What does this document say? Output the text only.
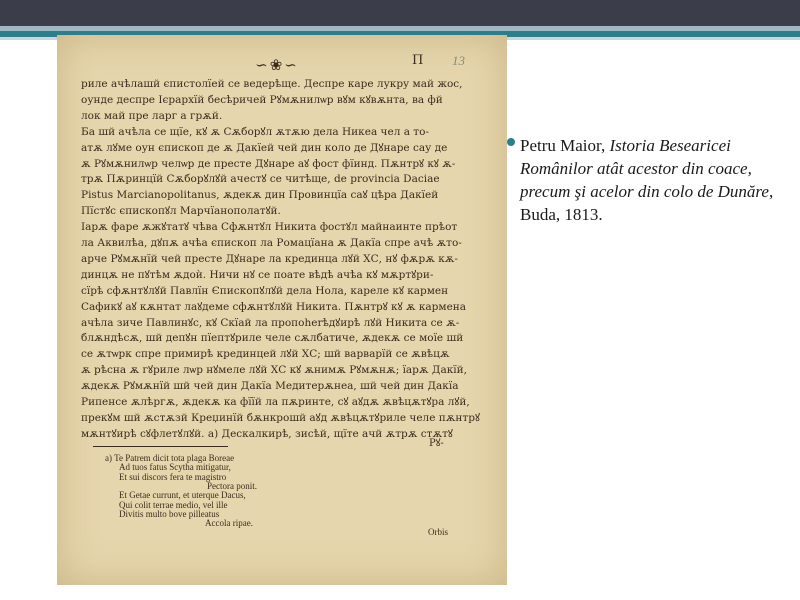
∽❀∽	Π 13
риле ачѣлашй єпистолїей се ведерѣще. Деспре каре лукру май жос,
оунде деспре Ієрархїй бесѣричей Рꙋмѫнилѡр вꙋм кꙋвѫнта, ва фй
лок май пре ларг а грѫй.
Ба шй ачѣла се щїе, кꙋ ѫ Сѫборꙋл ѫтѫю дела Никеа чел а то-
атѫ лꙋме оун єпископ де ѫ Дакїей чей дин коло де Дꙋнаре сау де
ѫ Рꙋмѫнилѡр челѡр де престе Дꙋнаре аꙋ фост фїинд. Пѫнтрꙋ кꙋ ѫ-
трѫ Пѫринцїй Сѫборꙋлꙋй ачестꙋ се читѣще, de provincia Daciae
Pistus Marcianopolitanus, ѫдекѫ дин Провинцїа саꙋ цѣра Дакїей
Пїстꙋс єпископꙋл Марчїанополатꙋй.
Іарѫ фаре ѫжꙋтатꙋ чѣва Сфѫнтꙋл Никита фостꙋл майнаинте прѣот
ла Аквилѣа, дꙋпѫ ачѣа єпископ ла Ромацїана ѫ Дакїа спре ачѣ ѫто-
арче Рꙋмѫнїй чей престе Дꙋнаре ла крединца лꙋй ХС, нꙋ фѫрѫ кѫ-
динцѫ не пꙋтѣм ѫдоѝ. Ничи нꙋ се поате вѣдѣ ачѣа кꙋ мѫртꙋри-
сїрѣ сфѫнтꙋлꙋй Павлїн Єпископꙋлꙋй дела Нола, кареле кꙋ кармен
Сафикꙋ аꙋ кѫнтат лаꙋдеме сфѫнтꙋлꙋй Никита. Пѫнтрꙋ кꙋ ѫ кармена
ачѣла зиче Павлинꙋс, кꙋ Скїай ла пропоherѣдꙋирѣ лꙋй Никита се ѫ-
блѫндѣсѫ, шй депꙋн пїептꙋриле челе сѫлбатиче, ѫдекѫ се моїе шй
се ѫтѡрк спре примирѣ крединцей лꙋй ХС; шй варварїй се ѫвѣцѫ
ѫ рѣсна ѫ гꙋриле лѡр нꙋмеле лꙋй ХС кꙋ ѫнимѫ Рꙋмѫнѫ; їарѫ Дакїй,
ѫдекѫ Рꙋмѫнїй шй чей дин Дакїа Медитерѫнеа, шй чей дин Дакїа
Рипенсе ѫлѣргѫ, ѫдекѫ ка фїїй ла пѫринте, сꙋ аꙋдѫ ѫвѣцѫтꙋра лꙋй,
прекꙋм шй ѫстѫзй Креџинїй бѫнкрошй аꙋд ѫвѣцѫтꙋриле челе пѫнтрꙋ
мѫнтꙋирѣ сꙋфлетꙋлꙋй. а) Дескалкирѣ, зисѣй, щїте ачй ѫтрѫ стѫтꙋ
Рꙋ-
a) Te Patrem dicit tota plaga Boreae
Ad tuos fatus Scytha mitigatur,
Et sui discors fera te magistro
Pectora ponit.
Et Getae currunt, et uterque Dacus,
Qui colit terrae medio, vel ille
Divitis multo bove pilleatus
Accola ripae.
Orbis
Petru Maior, Istoria Besearicei Românilor atât acestor din coace, precum şi acelor din colo de Dunăre, Buda, 1813.
